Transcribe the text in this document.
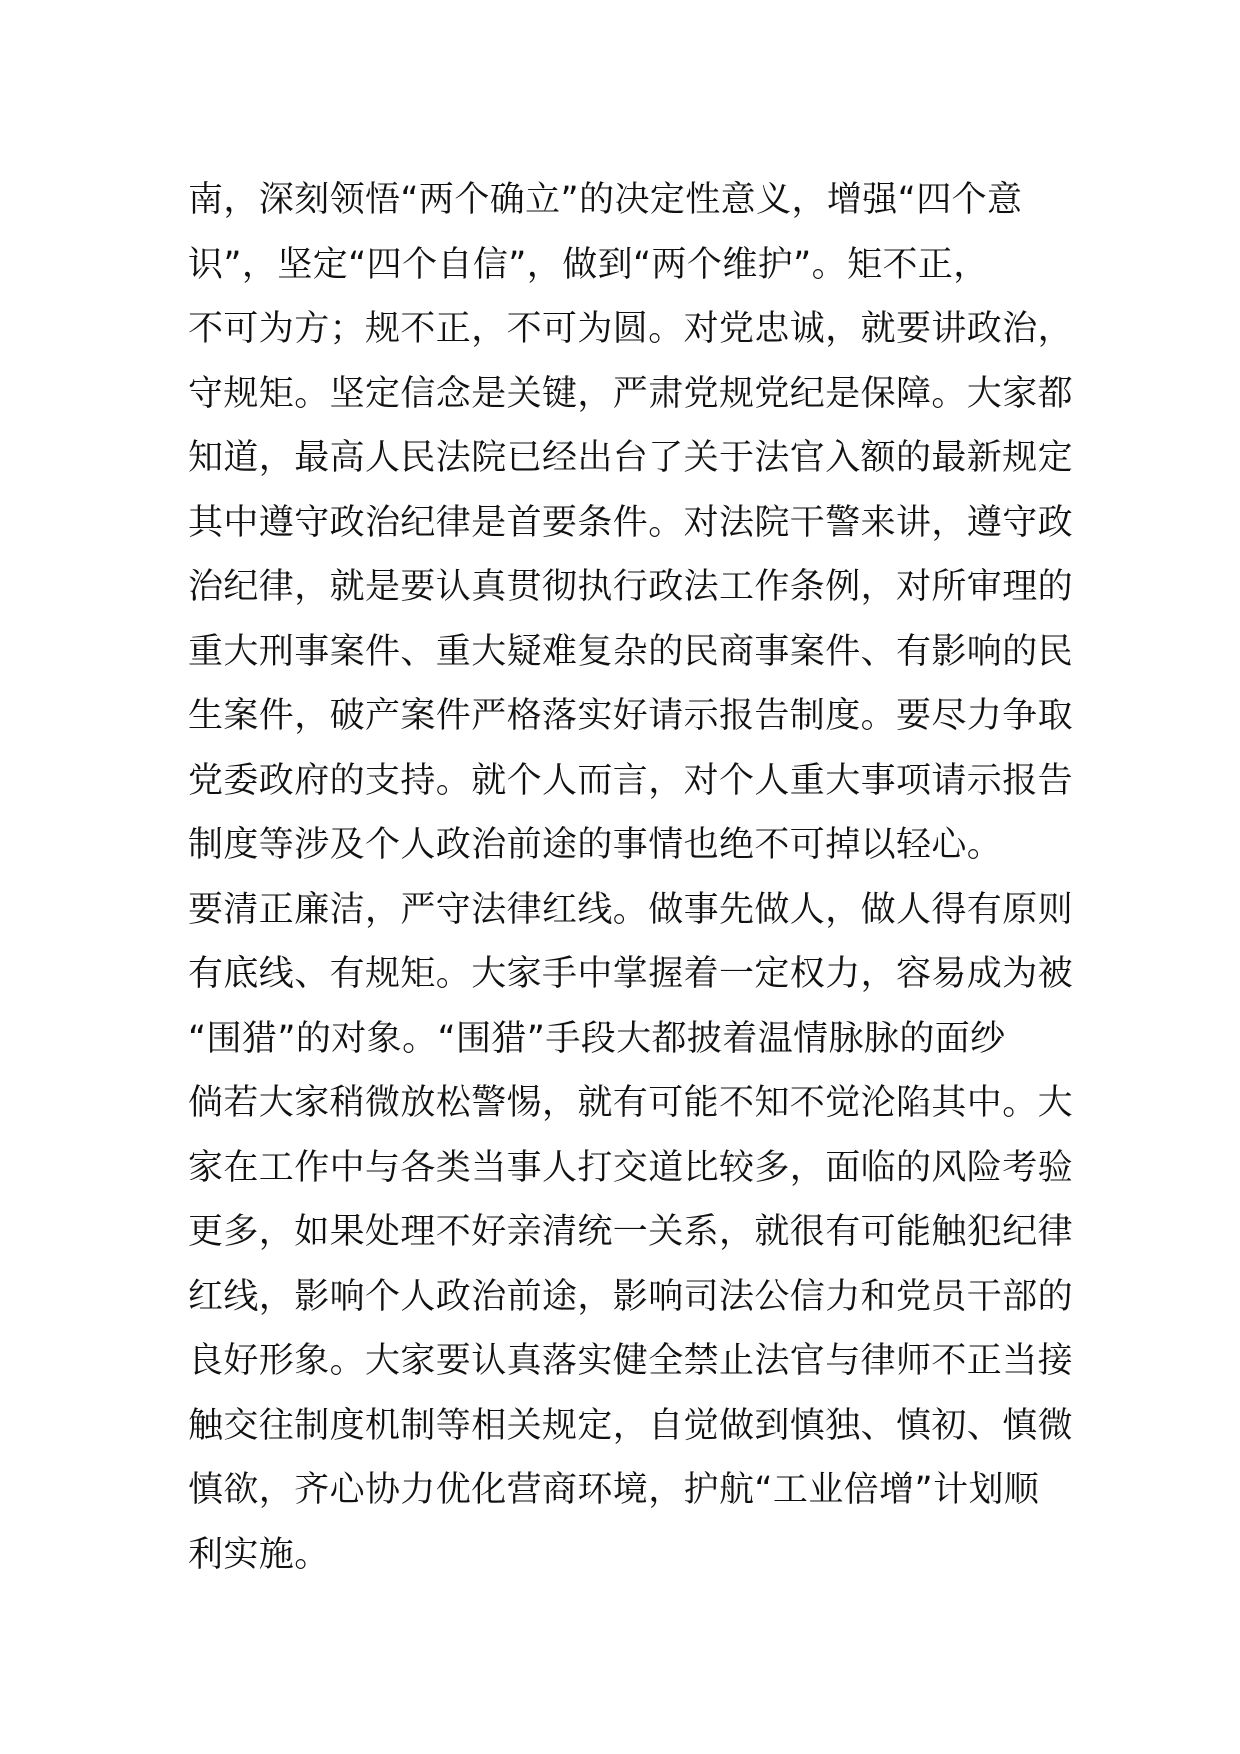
南，深刻领悟“两个确立”的决定性意义，增强“四个意
识”，坚定“四个自信”，做到“两个维护”。矩不正，
不可为方；规不正，不可为圆。对党忠诚，就要讲政治，
守规矩。坚定信念是关键，严肃党规党纪是保障。大家都
知道，最高人民法院已经出台了关于法官入额的最新规定
其中遵守政治纪律是首要条件。对法院干警来讲，遵守政
治纪律，就是要认真贯彻执行政法工作条例，对所审理的
重大刑事案件、重大疑难复杂的民商事案件、有影响的民
生案件，破产案件严格落实好请示报告制度。要尽力争取
党委政府的支持。就个人而言，对个人重大事项请示报告
制度等涉及个人政治前途的事情也绝不可掉以轻心。
要清正廉洁，严守法律红线。做事先做人，做人得有原则
有底线、有规矩。大家手中掌握着一定权力，容易成为被
“围猎”的对象。“围猎”手段大都披着温情脉脉的面纱
倘若大家稍微放松警惕，就有可能不知不觉沦陷其中。大
家在工作中与各类当事人打交道比较多，面临的风险考验
更多，如果处理不好亲清统一关系，就很有可能触犯纪律
红线，影响个人政治前途，影响司法公信力和党员干部的
良好形象。大家要认真落实健全禁止法官与律师不正当接
触交往制度机制等相关规定，自觉做到慎独、慎初、慎微
慎欲，齐心协力优化营商环境，护航“工业倍增”计划顺
利实施。
